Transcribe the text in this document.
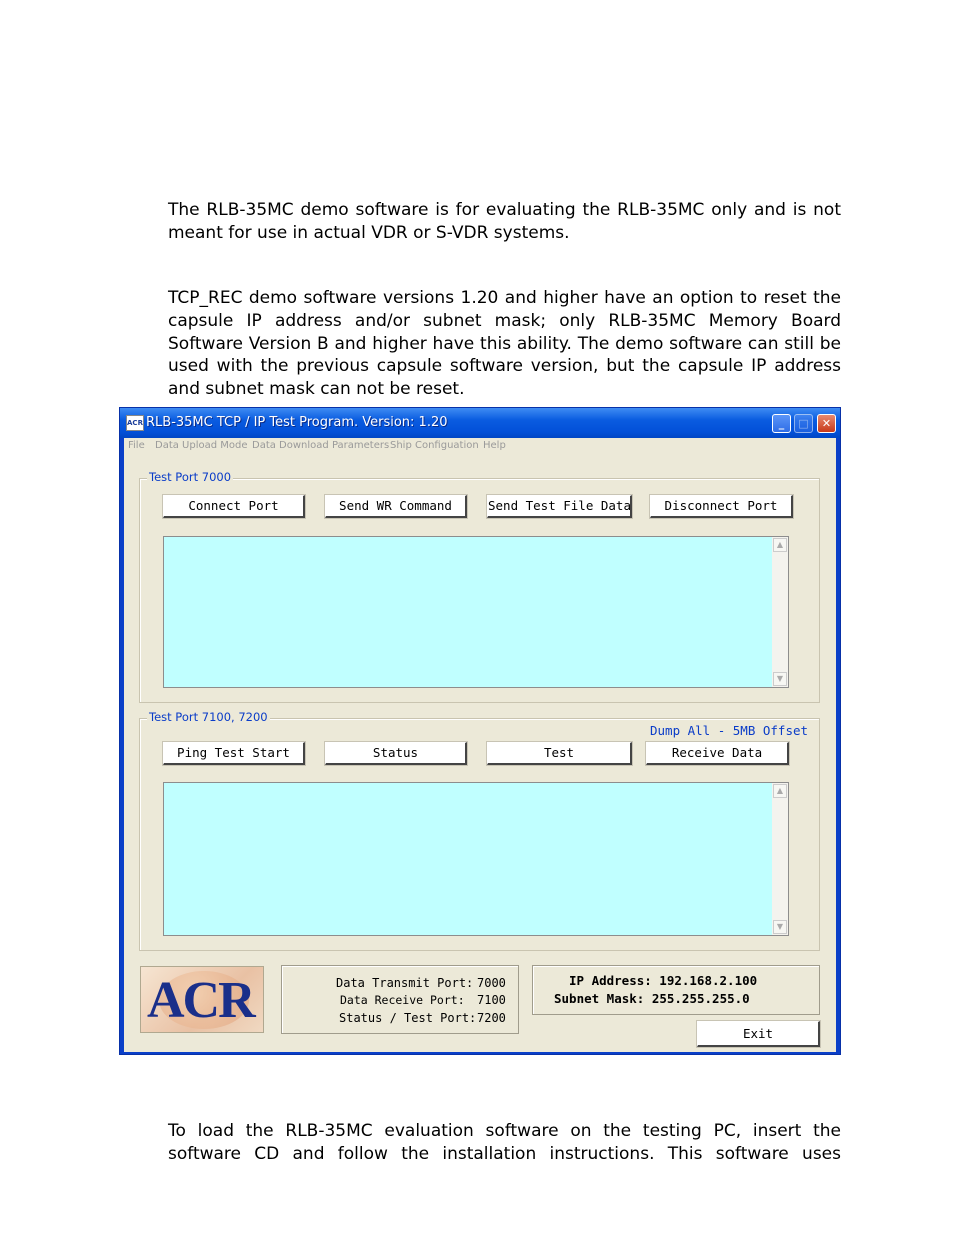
The RLB-35MC demo software is for evaluating the RLB-35MC only and is not meant for use in actual VDR or S-VDR systems.

TCP_REC demo software versions 1.20 and higher have an option to reset the capsule IP address and/or subnet mask; only RLB-35MC Memory Board Software Version B and higher have this ability. The demo software can still be used with the previous capsule software version, but the capsule IP address and subnet mask can not be reset.

ACR RLB-35MC TCP / IP Test Program. Version: 1.20	_	□	✕
File Data Upload Mode Data Download Parameters Ship Configuation Help
Test Port 7000
Connect Port	Send WR Command	Send Test File Data	Disconnect Port
▲
▼
Test Port 7100, 7200
Dump All - 5MB Offset
Ping Test Start	Status	Test	Receive Data
▲
▼
ACR	Data Transmit Port: 7000
Data Receive Port: 7100
Status / Test Port: 7200
IP Address: 192.168.2.100
Subnet Mask: 255.255.255.0
Exit

To load the RLB-35MC evaluation software on the testing PC, insert the software CD and follow the installation instructions. This software uses
